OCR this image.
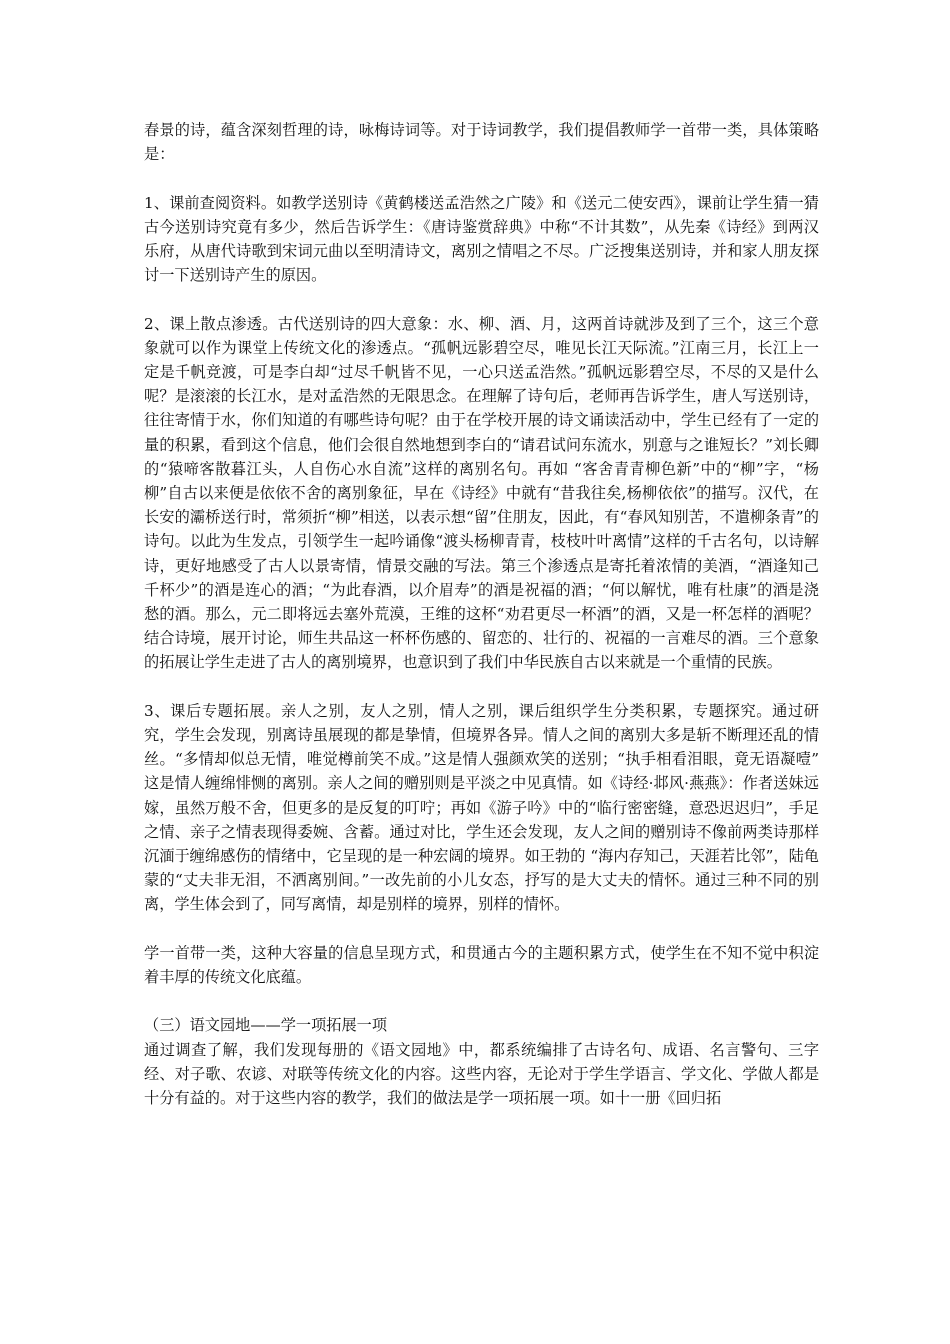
春景的诗，蕴含深刻哲理的诗，咏梅诗词等。对于诗词教学，我们提倡教师学一首带一类，具体策略是：

1、课前查阅资料。如教学送别诗《黄鹤楼送孟浩然之广陵》和《送元二使安西》，课前让学生猜一猜古今送别诗究竟有多少，然后告诉学生：《唐诗鉴赏辞典》中称“不计其数”，从先秦《诗经》到两汉乐府，从唐代诗歌到宋词元曲以至明清诗文，离别之情唱之不尽。广泛搜集送别诗，并和家人朋友探讨一下送别诗产生的原因。

2、课上散点渗透。古代送别诗的四大意象：水、柳、酒、月，这两首诗就涉及到了三个，这三个意象就可以作为课堂上传统文化的渗透点。“孤帆远影碧空尽，唯见长江天际流。”江南三月，长江上一定是千帆竞渡，可是李白却“过尽千帆皆不见，一心只送孟浩然。”孤帆远影碧空尽，不尽的又是什么呢？是滚滚的长江水，是对孟浩然的无限思念。在理解了诗句后，老师再告诉学生，唐人写送别诗，往往寄情于水，你们知道的有哪些诗句呢？由于在学校开展的诗文诵读活动中，学生已经有了一定的量的积累，看到这个信息，他们会很自然地想到李白的“请君试问东流水，别意与之谁短长？”刘长卿的“猿啼客散暮江头，人自伤心水自流”这样的离别名句。再如 “客舍青青柳色新”中的“柳”字，“杨柳”自古以来便是依依不舍的离别象征，早在《诗经》中就有“昔我往矣,杨柳依依”的描写。汉代，在长安的灞桥送行时，常须折“柳”相送，以表示想“留”住朋友，因此，有“春风知别苦，不遣柳条青”的诗句。以此为生发点，引领学生一起吟诵像“渡头杨柳青青，枝枝叶叶离情”这样的千古名句，以诗解诗，更好地感受了古人以景寄情，情景交融的写法。第三个渗透点是寄托着浓情的美酒，“酒逢知己千杯少”的酒是连心的酒；“为此春酒，以介眉寿”的酒是祝福的酒；“何以解忧，唯有杜康”的酒是浇愁的酒。那么，元二即将远去塞外荒漠，王维的这杯“劝君更尽一杯酒”的酒，又是一杯怎样的酒呢？结合诗境，展开讨论，师生共品这一杯杯伤感的、留恋的、壮行的、祝福的一言难尽的酒。三个意象的拓展让学生走进了古人的离别境界，也意识到了我们中华民族自古以来就是一个重情的民族。

3、课后专题拓展。亲人之别，友人之别，情人之别，课后组织学生分类积累，专题探究。通过研究，学生会发现，别离诗虽展现的都是挚情，但境界各异。情人之间的离别大多是斩不断理还乱的情丝。“多情却似总无情，唯觉樽前笑不成。”这是情人强颜欢笑的送别；“执手相看泪眼，竟无语凝噎” 这是情人缠绵悱恻的离别。亲人之间的赠别则是平淡之中见真情。如《诗经·邶风·燕燕》：作者送妹远嫁，虽然万般不舍，但更多的是反复的叮咛；再如《游子吟》中的“临行密密缝，意恐迟迟归”，手足之情、亲子之情表现得委婉、含蓄。通过对比，学生还会发现，友人之间的赠别诗不像前两类诗那样沉湎于缠绵感伤的情绪中，它呈现的是一种宏阔的境界。如王勃的 “海内存知己，天涯若比邻”，陆龟蒙的“丈夫非无泪，不洒离别间。”一改先前的小儿女态，抒写的是大丈夫的情怀。通过三种不同的别离，学生体会到了，同写离情，却是别样的境界，别样的情怀。

学一首带一类，这种大容量的信息呈现方式，和贯通古今的主题积累方式，使学生在不知不觉中积淀着丰厚的传统文化底蕴。

（三）语文园地——学一项拓展一项

通过调查了解，我们发现每册的《语文园地》中，都系统编排了古诗名句、成语、名言警句、三字经、对子歌、农谚、对联等传统文化的内容。这些内容，无论对于学生学语言、学文化、学做人都是十分有益的。对于这些内容的教学，我们的做法是学一项拓展一项。如十一册《回归拓
